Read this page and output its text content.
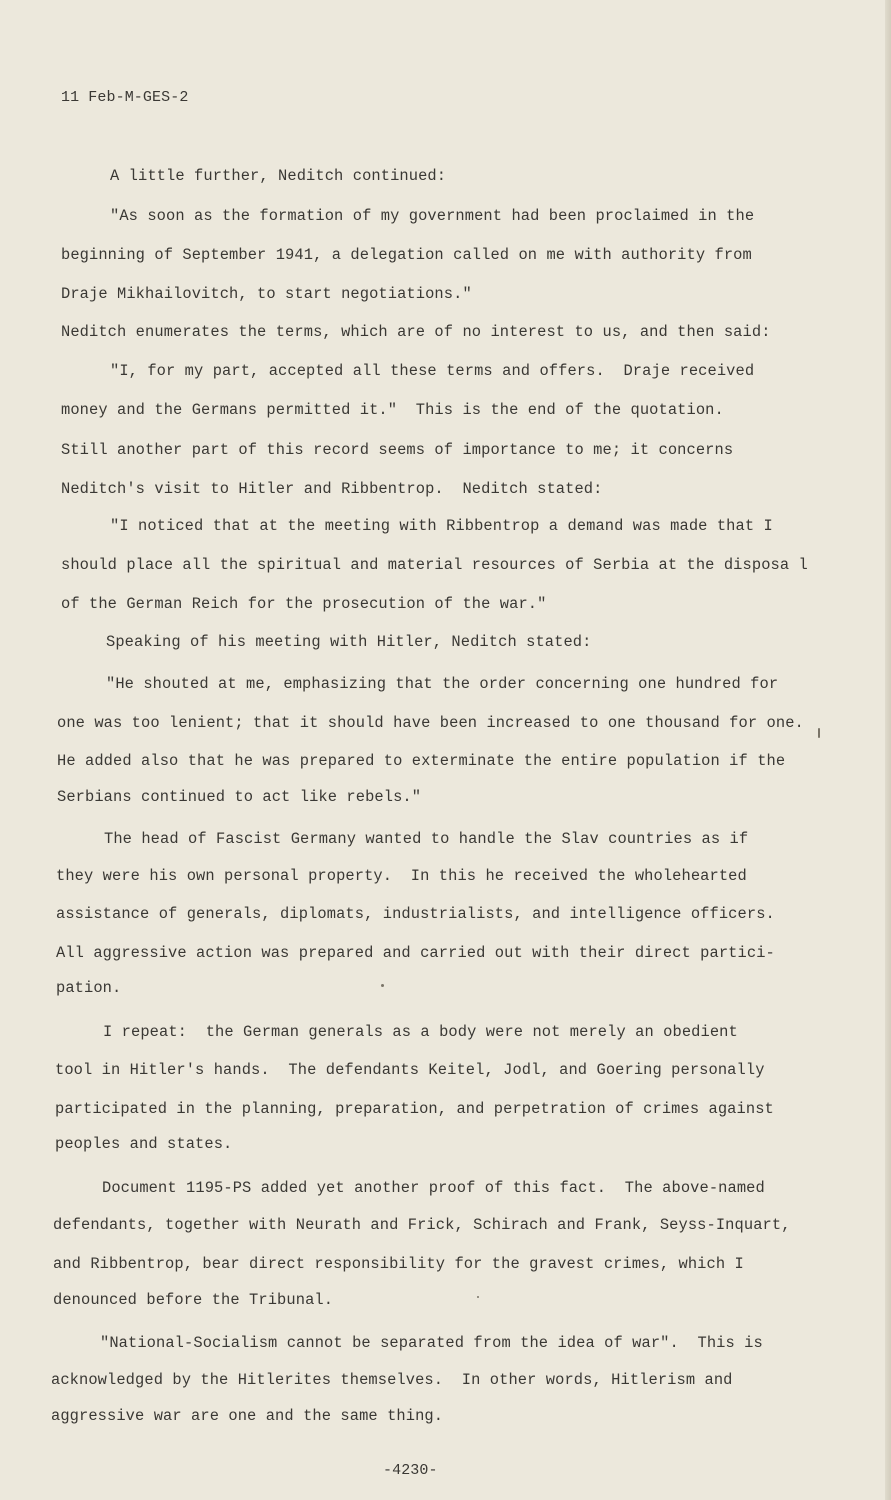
11 Feb-M-GES-2
A little further, Neditch continued:
"As soon as the formation of my government had been proclaimed in the
beginning of September 1941, a delegation called on me with authority from
Draje Mikhailovitch, to start negotiations."
Neditch enumerates the terms, which are of no interest to us, and then said:
"I, for my part, accepted all these terms and offers.  Draje received
money and the Germans permitted it."  This is the end of the quotation.
Still another part of this record seems of importance to me; it concerns
Neditch's visit to Hitler and Ribbentrop.  Neditch stated:
"I noticed that at the meeting with Ribbentrop a demand was made that I
should place all the spiritual and material resources of Serbia at the disposa l
of the German Reich for the prosecution of the war."
Speaking of his meeting with Hitler, Neditch stated:
"He shouted at me, emphasizing that the order concerning one hundred for
one was too lenient; that it should have been increased to one thousand for one.
He added also that he was prepared to exterminate the entire population if the
Serbians continued to act like rebels."
The head of Fascist Germany wanted to handle the Slav countries as if
they were his own personal property.  In this he received the wholehearted
assistance of generals, diplomats, industrialists, and intelligence officers.
All aggressive action was prepared and carried out with their direct partici-
pation.
I repeat:  the German generals as a body were not merely an obedient
tool in Hitler's hands.  The defendants Keitel, Jodl, and Goering personally
participated in the planning, preparation, and perpetration of crimes against
peoples and states.
Document 1195-PS added yet another proof of this fact.  The above-named
defendants, together with Neurath and Frick, Schirach and Frank, Seyss-Inquart,
and Ribbentrop, bear direct responsibility for the gravest crimes, which I
denounced before the Tribunal.
"National-Socialism cannot be separated from the idea of war".  This is
acknowledged by the Hitlerites themselves.  In other words, Hitlerism and
aggressive war are one and the same thing.
-4230-
